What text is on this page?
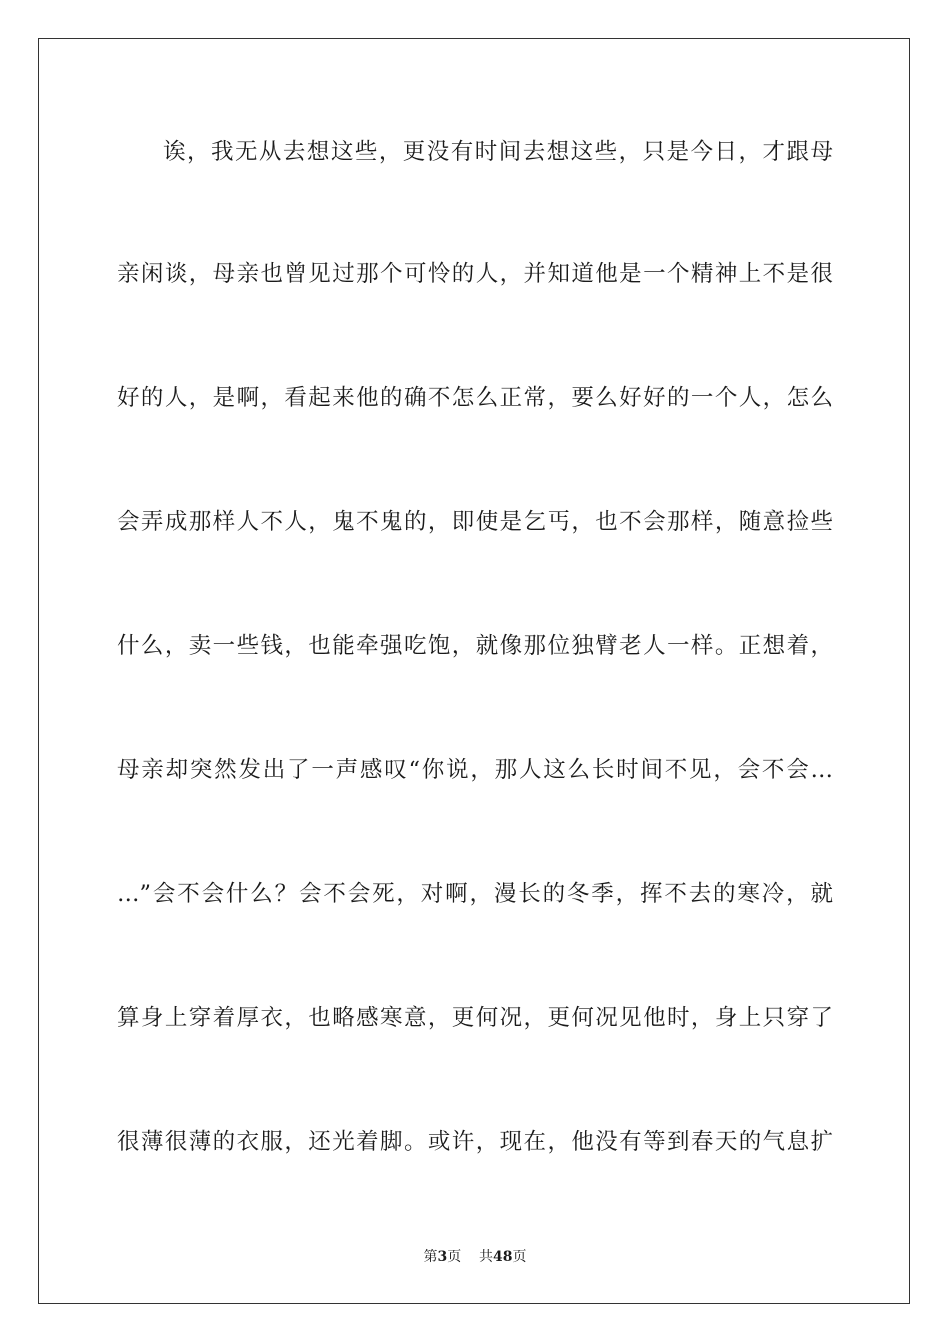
诶，我无从去想这些，更没有时间去想这些，只是今日，才跟母
亲闲谈，母亲也曾见过那个可怜的人，并知道他是一个精神上不是很
好的人，是啊，看起来他的确不怎么正常，要么好好的一个人，怎么
会弄成那样人不人，鬼不鬼的，即使是乞丐，也不会那样，随意捡些
什么，卖一些钱，也能牵强吃饱，就像那位独臂老人一样。正想着，
母亲却突然发出了一声感叹“你说，那人这么长时间不见，会不会…
…”会不会什么？会不会死，对啊，漫长的冬季，挥不去的寒冷，就
算身上穿着厚衣，也略感寒意，更何况，更何况见他时，身上只穿了
很薄很薄的衣服，还光着脚。或许，现在，他没有等到春天的气息扩
第3页 共48页
